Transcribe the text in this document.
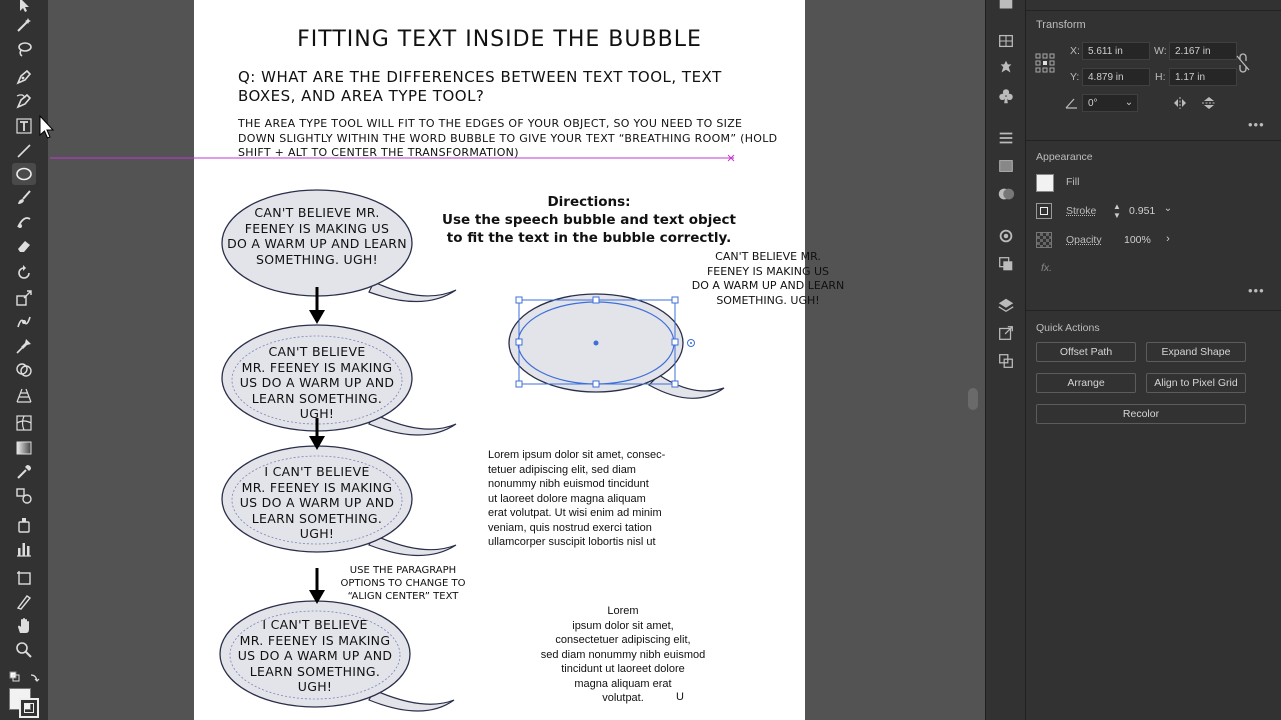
FITTING TEXT INSIDE THE BUBBLE
Q: WHAT ARE THE DIFFERENCES BETWEEN TEXT TOOL, TEXT BOXES, AND AREA TYPE TOOL?
THE AREA TYPE TOOL WILL FIT TO THE EDGES OF YOUR OBJECT, SO YOU NEED TO SIZE DOWN SLIGHTLY WITHIN THE WORD BUBBLE TO GIVE YOUR TEXT “BREATHING ROOM” (HOLD SHIFT + ALT TO CENTER THE TRANSFORMATION)
CAN'T BELIEVE MR.
FEENEY IS MAKING US
DO A WARM UP AND LEARN
SOMETHING. UGH!
CAN'T BELIEVE
MR. FEENEY IS MAKING
US DO A WARM UP AND
LEARN SOMETHING.
UGH!
I CAN'T BELIEVE
MR. FEENEY IS MAKING
US DO A WARM UP AND
LEARN SOMETHING.
UGH!
I CAN'T BELIEVE
MR. FEENEY IS MAKING
US DO A WARM UP AND
LEARN SOMETHING.
UGH!
USE THE PARAGRAPH OPTIONS TO CHANGE TO “ALIGN CENTER” TEXT
Directions:
Use the speech bubble and text object
to fit the text in the bubble correctly.
CAN'T BELIEVE MR.
FEENEY IS MAKING US
DO A WARM UP AND LEARN
SOMETHING. UGH!
Lorem ipsum dolor sit amet, consec-
tetuer adipiscing elit, sed diam
nonummy nibh euismod tincidunt
ut laoreet dolore magna aliquam
erat volutpat. Ut wisi enim ad minim
veniam, quis nostrud exerci tation
ullamcorper suscipit lobortis nisl ut
Lorem
ipsum dolor sit amet,
consectetuer adipiscing elit,
sed diam nonummy nibh euismod
tincidunt ut laoreet dolore
magna aliquam erat
volutpat.	U
Transform
X: 5.611 in	W: 2.167 in
Y: 4.879 in	H: 1.17 in
0°	⌄
•••
Appearance
Fill
Stroke ▲
▼ 0.951 ⌄
Opacity 100%	›
fx.
•••
Quick Actions
Offset Path	Expand Shape
Arrange	Align to Pixel Grid
Recolor
